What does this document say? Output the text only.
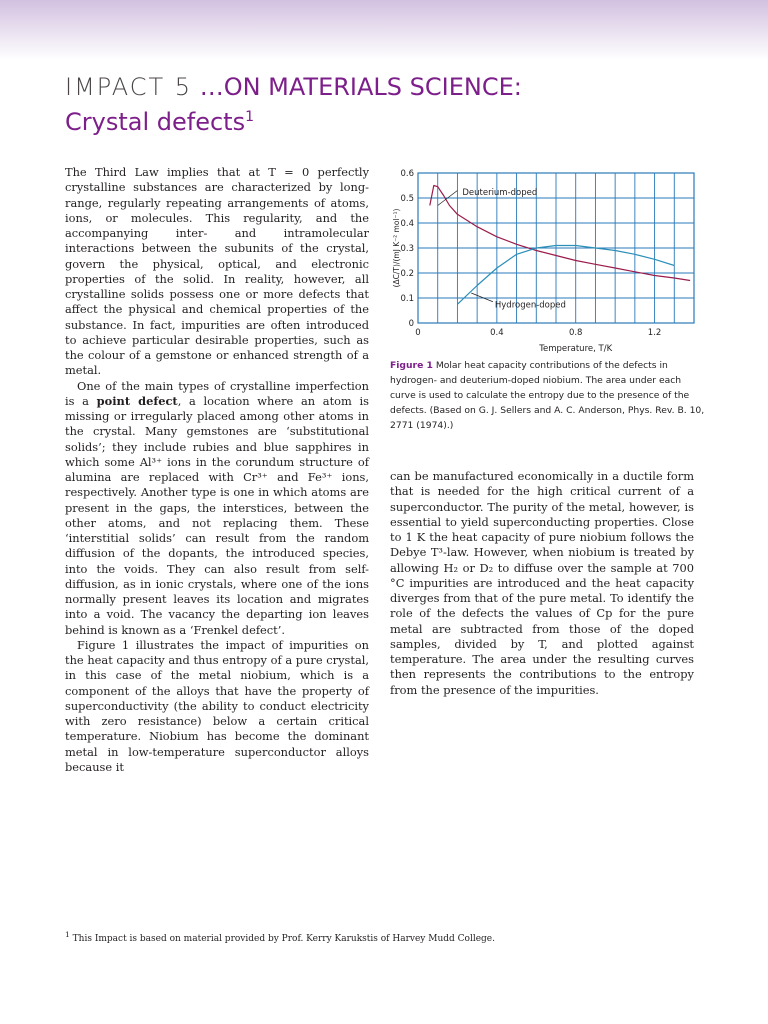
IMPACT 5 …ON MATERIALS SCIENCE:
Crystal defects$^1$

The Third Law implies that at T = 0 perfectly crystalline substances are characterized by long-range, regularly repeating arrangements of atoms, ions, or molecules. This regularity, and the accompanying inter- and intramolecular interactions between the subunits of the crystal, govern the physical, optical, and electronic properties of the solid. In reality, however, all crystalline solids possess one or more defects that affect the physical and chemical properties of the substance. In fact, impurities are often introduced to achieve particular desirable properties, such as the colour of a gemstone or enhanced strength of a metal.

One of the main types of crystalline imperfection is a point defect, a location where an atom is missing or irregularly placed among other atoms in the crystal. Many gemstones are ‘substitutional solids’; they include rubies and blue sapphires in which some Al³⁺ ions in the corundum structure of alumina are replaced with Cr³⁺ and Fe³⁺ ions, respectively. Another type is one in which atoms are present in the gaps, the interstices, between the other atoms, and not replacing them. These ‘interstitial solids’ can result from the random diffusion of the dopants, the introduced species, into the voids. They can also result from self-diffusion, as in ionic crystals, where one of the ions normally present leaves its location and migrates into a void. The vacancy the departing ion leaves behind is known as a ‘Frenkel defect’.

Figure 1 illustrates the impact of impurities on the heat capacity and thus entropy of a pure crystal, in this case of the metal niobium, which is a component of the alloys that have the property of superconductivity (the ability to conduct electricity with zero resistance) below a certain critical temperature. Niobium has become the dominant metal in low-temperature superconductor alloys because it

0	0.4	0.8	1.2
0
0.1
0.2
0.3
0.4
0.5
0.6
Temperature, T/K
(ΔC/T)/(mJ K⁻² mol⁻¹)
Deuterium-doped
Hydrogen-doped
Figure 1 Molar heat capacity contributions of the defects in hydrogen- and deuterium-doped niobium. The area under each curve is used to calculate the entropy due to the presence of the defects. (Based on G. J. Sellers and A. C. Anderson, Phys. Rev. B. 10, 2771 (1974).)

can be manufactured economically in a ductile form that is needed for the high critical current of a superconductor. The purity of the metal, however, is essential to yield superconducting properties. Close to 1 K the heat capacity of pure niobium follows the Debye T³-law. However, when niobium is treated by allowing H₂ or D₂ to diffuse over the sample at 700 °C impurities are introduced and the heat capacity diverges from that of the pure metal. To identify the role of the defects the values of Cp for the pure metal are subtracted from those of the doped samples, divided by T, and plotted against temperature. The area under the resulting curves then represents the contributions to the entropy from the presence of the impurities.

$^1$ This Impact is based on material provided by Prof. Kerry Karukstis of Harvey Mudd College.
